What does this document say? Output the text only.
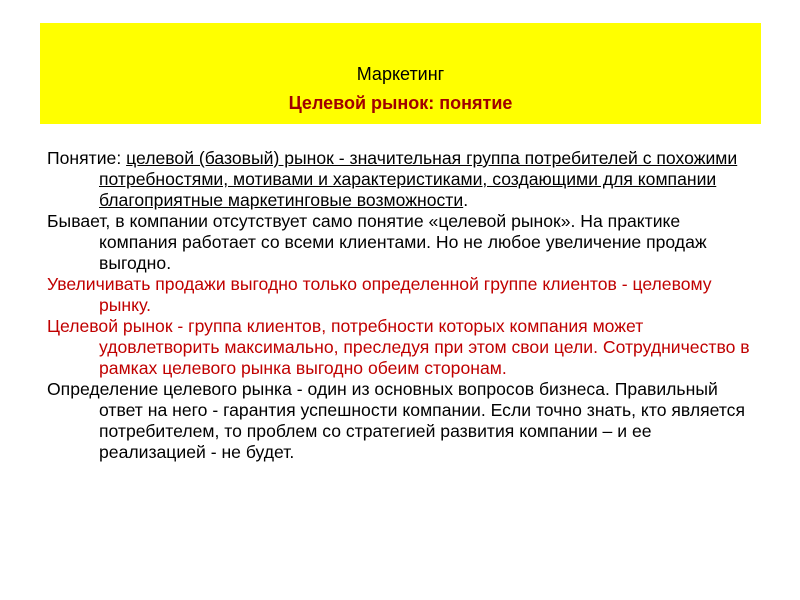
Маркетинг
Целевой рынок: понятие

Понятие: целевой (базовый) рынок - значительная группа потребителей с похожими потребностями, мотивами и характеристиками, создающими для компании благоприятные маркетинговые возможности.

Бывает, в компании отсутствует само понятие «целевой рынок». На практике компания работает со всеми клиентами. Но не любое увеличение продаж выгодно.

Увеличивать продажи выгодно только определенной группе клиентов - целевому рынку.

Целевой рынок - группа клиентов, потребности которых компания может удовлетворить максимально, преследуя при этом свои цели. Сотрудничество в рамках целевого рынка выгодно обеим сторонам.

Определение целевого рынка - один из основных вопросов бизнеса. Правильный ответ на него - гарантия успешности компании. Если точно знать, кто является потребителем, то проблем со стратегией развития компании – и ее реализацией - не будет.
